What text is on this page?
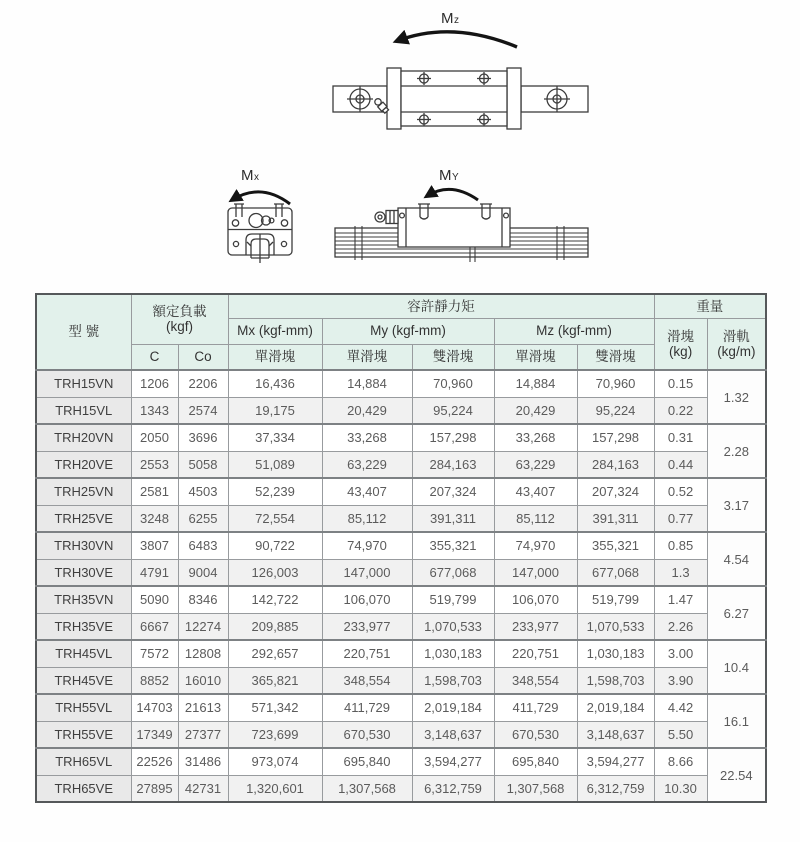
Mz
Mx	MY
型 號	額定負載
(kgf)		容許靜力矩					重量	
Mx (kgf-mm)	My (kgf-mm)	Mz (kgf-mm)	滑塊
(kg)

滑軌
(kg/m)

	C	Co	單滑塊	單滑塊	雙滑塊	單滑塊	雙滑塊		
TRH15VN	1206	2206	16,436	14,884	70,960	14,884	70,960	0.15	1.32
TRH15VL	1343	2574	19,175	20,429	95,224	20,429	95,224	0.22	
TRH20VN	2050	3696	37,334	33,268	157,298	33,268	157,298	0.31	2.28
TRH20VE	2553	5058	51,089	63,229	284,163	63,229	284,163	0.44	
TRH25VN	2581	4503	52,239	43,407	207,324	43,407	207,324	0.52	3.17
TRH25VE	3248	6255	72,554	85,112	391,311	85,112	391,311	0.77	
TRH30VN	3807	6483	90,722	74,970	355,321	74,970	355,321	0.85	4.54
TRH30VE	4791	9004	126,003	147,000	677,068	147,000	677,068	1.3	
TRH35VN	5090	8346	142,722	106,070	519,799	106,070	519,799	1.47	6.27
TRH35VE	6667	12274	209,885	233,977	1,070,533	233,977	1,070,533	2.26	
TRH45VL	7572	12808	292,657	220,751	1,030,183	220,751	1,030,183	3.00	10.4
TRH45VE	8852	16010	365,821	348,554	1,598,703	348,554	1,598,703	3.90	
TRH55VL	14703	21613	571,342	411,729	2,019,184	411,729	2,019,184	4.42	16.1
TRH55VE	17349	27377	723,699	670,530	3,148,637	670,530	3,148,637	5.50	
TRH65VL	22526	31486	973,074	695,840	3,594,277	695,840	3,594,277	8.66	22.54
TRH65VE	27895	42731	1,320,601	1,307,568	6,312,759	1,307,568	6,312,759	10.30	
